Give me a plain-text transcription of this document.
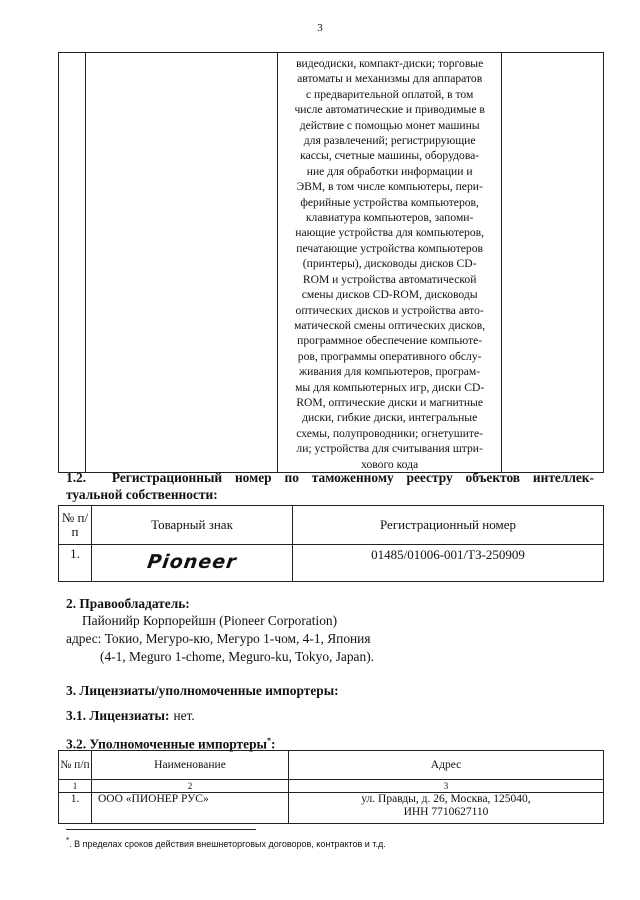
3

видеодиски, компакт-диски; торговые
автоматы и механизмы для аппаратов
с предварительной оплатой, в том
числе автоматические и приводимые в
действие с помощью монет машины
для развлечений; регистрирующие
кассы, счетные машины, оборудова-
ние для обработки информации и
ЭВМ, в том числе компьютеры, пери-
ферийные устройства компьютеров,
клавиатура компьютеров, запоми-
нающие устройства для компьютеров,
печатающие устройства компьютеров
(принтеры), дисководы дисков CD-
ROM и устройства автоматической
смены дисков CD-ROM, дисководы
оптических дисков и устройства авто-
матической смены оптических дисков,
программное обеспечение компьюте-
ров, программы оперативного обслу-
живания для компьютеров, програм-
мы для компьютерных игр, диски CD-
ROM, оптические диски и магнитные
диски, гибкие диски, интегральные
схемы, полупроводники; огнетушите-
ли; устройства для считывания штри-
хового кода

1.2. Регистрационный номер по таможенному реестру объектов интеллек-
туальной собственности:
№ п/п	Товарный знак	Регистрационный номер
1.	Pioneer	01485/01006-001/ТЗ-250909
2. Правообладатель:
Пайонийр Корпорейшн (Pioneer Corporation)
адрес: Токио, Мегуро-кю, Мегуро 1-чом, 4-1, Япония
(4-1, Meguro 1-chome, Meguro-ku, Tokyo, Japan).
3. Лицензиаты/уполномоченные импортеры:
3.1. Лицензиаты: нет.
3.2. Уполномоченные импортеры*:
№ п/п	Наименование	Адрес
1	2	3
1.	ООО «ПИОНЕР РУС»	ул. Правды, д. 26, Москва, 125040,
ИНН 7710627110
*. В пределах сроков действия внешнеторговых договоров, контрактов и т.д.
